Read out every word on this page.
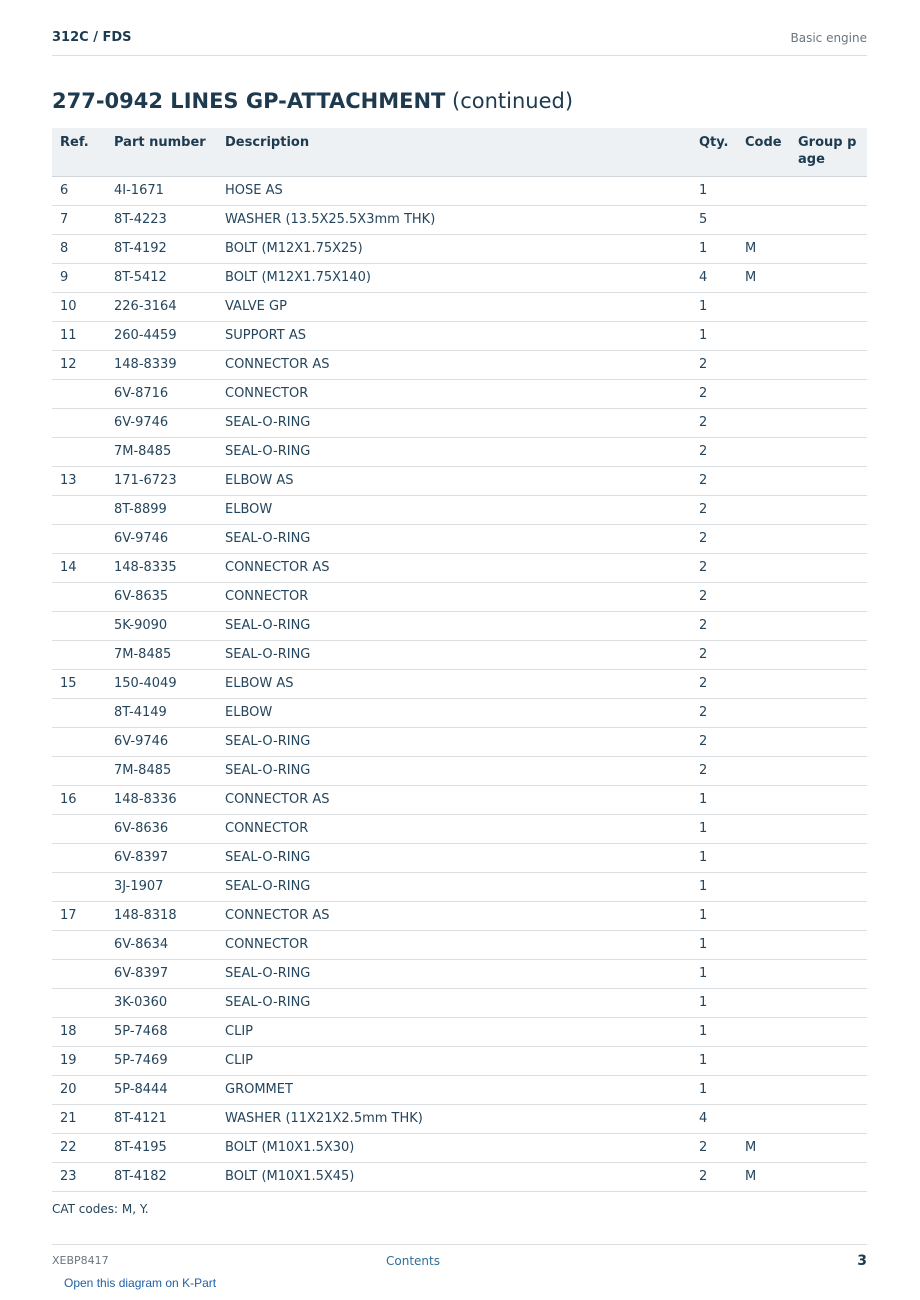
312C / FDS	Basic engine
277-0942 LINES GP-ATTACHMENT (continued)
Ref.	Part number	Description	Qty.	Code	Group page
6	4I-1671	HOSE AS	1		
7	8T-4223	WASHER (13.5X25.5X3mm THK)	5		
8	8T-4192	BOLT (M12X1.75X25)	1	M	
9	8T-5412	BOLT (M12X1.75X140)	4	M	
10	226-3164	VALVE GP	1		
11	260-4459	SUPPORT AS	1		
12	148-8339	CONNECTOR AS	2		
	6V-8716	CONNECTOR	2		
	6V-9746	SEAL-O-RING	2		
	7M-8485	SEAL-O-RING	2		
13	171-6723	ELBOW AS	2		
	8T-8899	ELBOW	2		
	6V-9746	SEAL-O-RING	2		
14	148-8335	CONNECTOR AS	2		
	6V-8635	CONNECTOR	2		
	5K-9090	SEAL-O-RING	2		
	7M-8485	SEAL-O-RING	2		
15	150-4049	ELBOW AS	2		
	8T-4149	ELBOW	2		
	6V-9746	SEAL-O-RING	2		
	7M-8485	SEAL-O-RING	2		
16	148-8336	CONNECTOR AS	1		
	6V-8636	CONNECTOR	1		
	6V-8397	SEAL-O-RING	1		
	3J-1907	SEAL-O-RING	1		
17	148-8318	CONNECTOR AS	1		
	6V-8634	CONNECTOR	1		
	6V-8397	SEAL-O-RING	1		
	3K-0360	SEAL-O-RING	1		
18	5P-7468	CLIP	1		
19	5P-7469	CLIP	1		
20	5P-8444	GROMMET	1		
21	8T-4121	WASHER (11X21X2.5mm THK)	4		
22	8T-4195	BOLT (M10X1.5X30)	2	M	
23	8T-4182	BOLT (M10X1.5X45)	2	M	
CAT codes: M, Y.
XEBP8417	Contents	3
Open this diagram on K-Part
